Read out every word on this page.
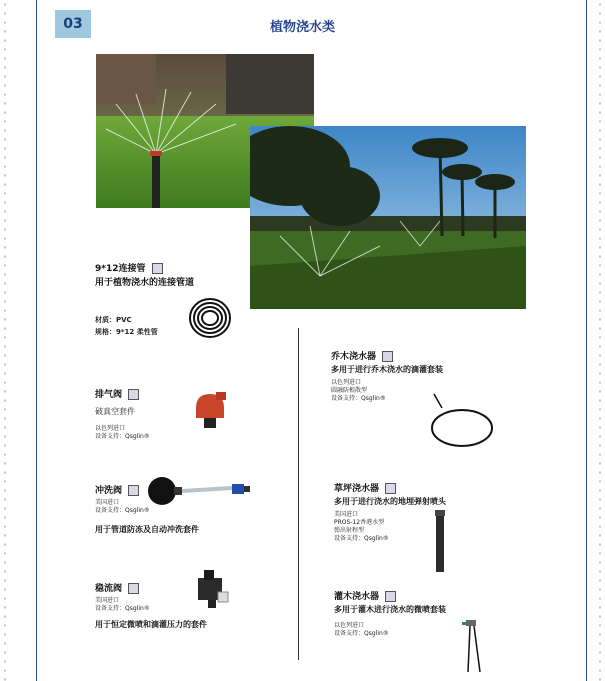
03	植物浇水类
9*12连接管
用于植物浇水的连接管道
材质：PVC
规格：9*12 柔性管
排气阀
破真空套件
以色列进口
设备支持：Qsglin®
冲洗阀
美国进口
设备支持：Qsglin®
用于管道防冻及自动冲洗套件
稳流阀
美国进口
设备支持：Qsglin®
用于恒定微喷和滴灌压力的套件
乔木浇水器
多用于进行乔木浇水的滴灌套装
以色列进口
圆融防根散型
设备支持：Qsglin®
草坪浇水器
多用于进行浇水的地埋弹射喷头
美国进口
PROS-12香港水型
弹出射程型
设备支持：Qsglin®
灌木浇水器
多用于灌木进行浇水的微喷套装
以色列进口
设备支持：Qsglin®
